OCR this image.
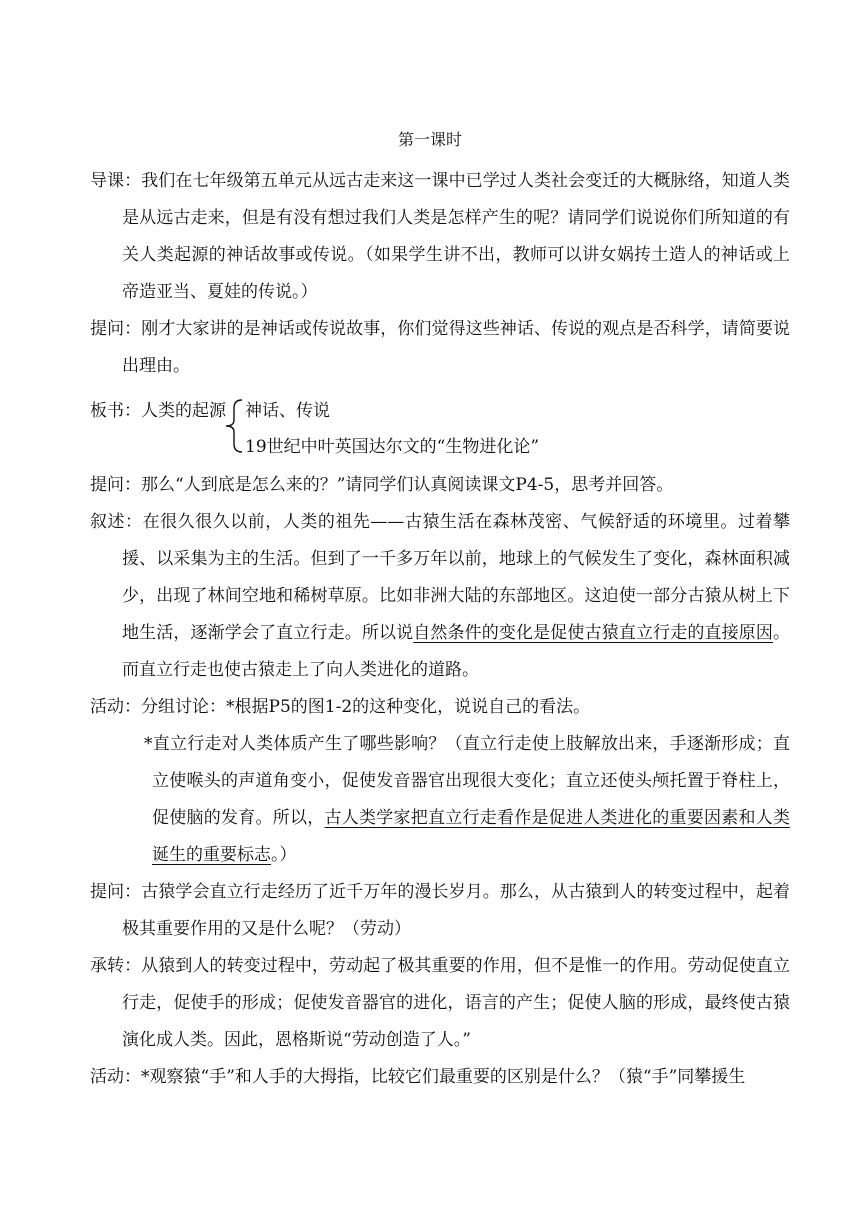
第一课时
导课：我们在七年级第五单元从远古走来这一课中已学过人类社会变迁的大概脉络，知道人类是从远古走来，但是有没有想过我们人类是怎样产生的呢？请同学们说说你们所知道的有关人类起源的神话故事或传说。（如果学生讲不出，教师可以讲女娲抟土造人的神话或上帝造亚当、夏娃的传说。）
提问：刚才大家讲的是神话或传说故事，你们觉得这些神话、传说的观点是否科学，请简要说出理由。
板书：人类的起源 神话、传说
19世纪中叶英国达尔文的“生物进化论”
提问：那么“人到底是怎么来的？”请同学们认真阅读课文P4-5，思考并回答。
叙述：在很久很久以前，人类的祖先——古猿生活在森林茂密、气候舒适的环境里。过着攀援、以采集为主的生活。但到了一千多万年以前，地球上的气候发生了变化，森林面积减少，出现了林间空地和稀树草原。比如非洲大陆的东部地区。这迫使一部分古猿从树上下地生活，逐渐学会了直立行走。所以说自然条件的变化是促使古猿直立行走的直接原因。而直立行走也使古猿走上了向人类进化的道路。
活动：分组讨论：*根据P5的图1-2的这种变化，说说自己的看法。
*直立行走对人类体质产生了哪些影响？（直立行走使上肢解放出来，手逐渐形成；直立使喉头的声道角变小，促使发音器官出现很大变化；直立还使头颅托置于脊柱上，促使脑的发育。所以，古人类学家把直立行走看作是促进人类进化的重要因素和人类诞生的重要标志。）
提问：古猿学会直立行走经历了近千万年的漫长岁月。那么，从古猿到人的转变过程中，起着极其重要作用的又是什么呢？（劳动）
承转：从猿到人的转变过程中，劳动起了极其重要的作用，但不是惟一的作用。劳动促使直立行走，促使手的形成；促使发音器官的进化，语言的产生；促使人脑的形成，最终使古猿演化成人类。因此，恩格斯说“劳动创造了人。”
活动：*观察猿“手”和人手的大拇指，比较它们最重要的区别是什么？（猿“手”同攀援生
